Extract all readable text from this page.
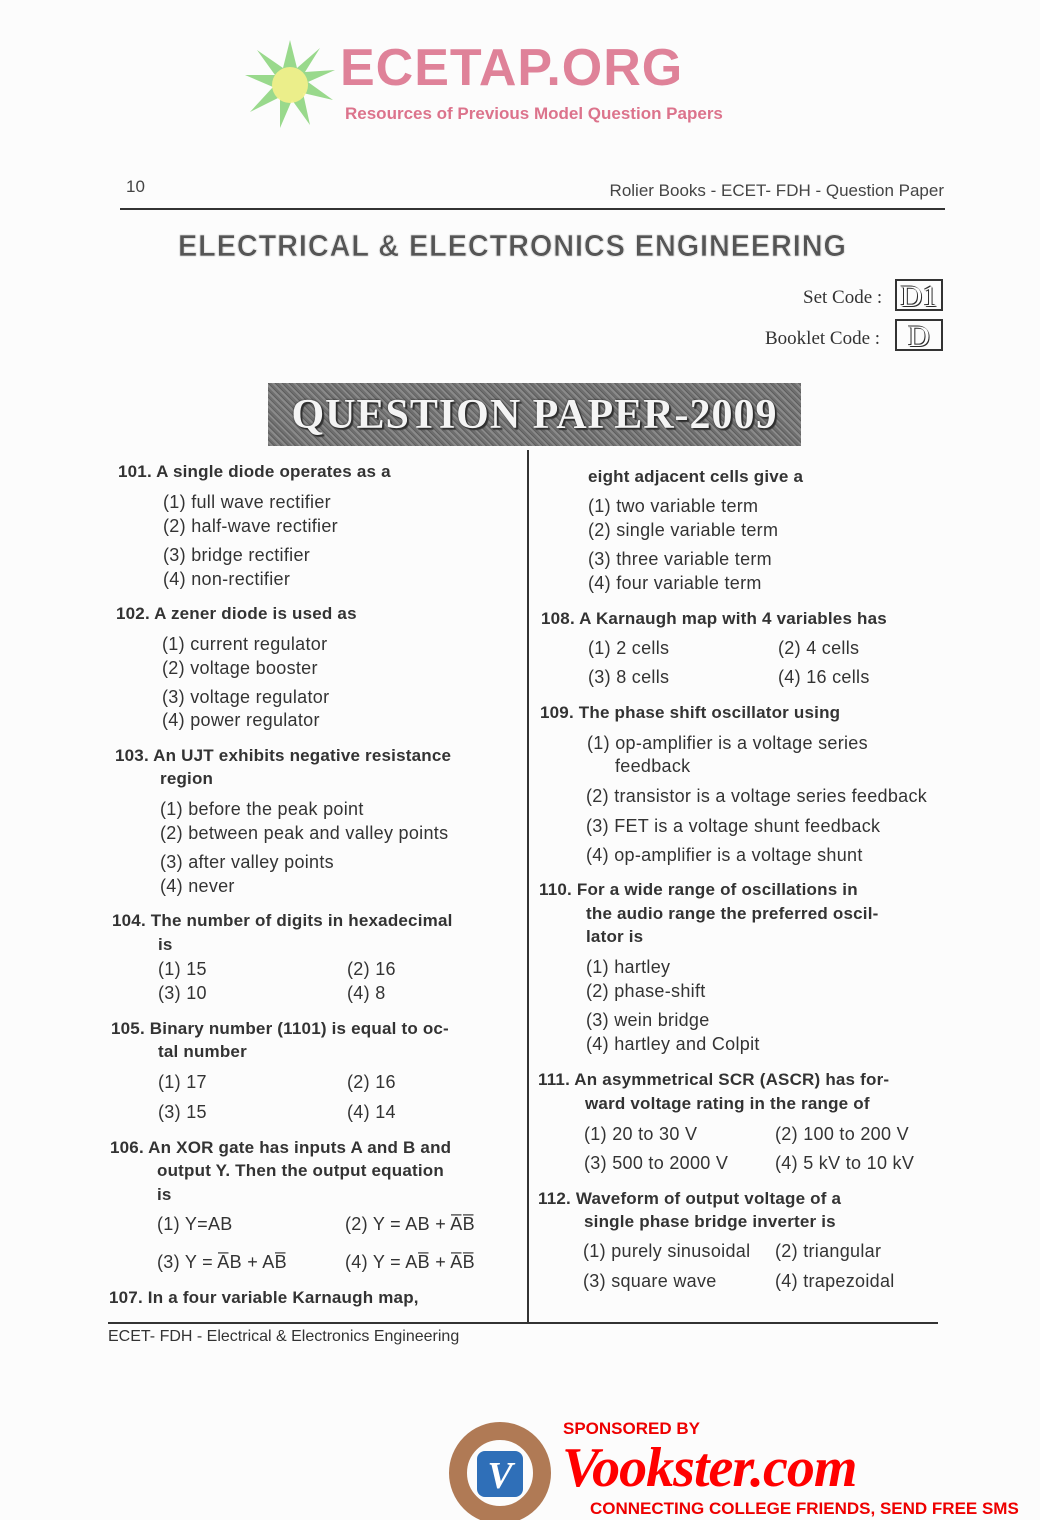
ECETAP.ORG
Resources of Previous Model Question Papers
10	Rolier Books - ECET- FDH - Question Paper
ELECTRICAL & ELECTRONICS ENGINEERING
Set Code : D1
Booklet Code : D
QUESTION PAPER-2009
101. A single diode operates as a
(1) full wave rectifier
(2) half-wave rectifier
(3) bridge rectifier
(4) non-rectifier
102. A zener diode is used as
(1) current regulator
(2) voltage booster
(3) voltage regulator
(4) power regulator
103. An UJT exhibits negative resistance
region
(1) before the peak point
(2) between peak and valley points
(3) after valley points
(4) never
104. The number of digits in hexadecimal
is
(1) 15	(2) 16
(3) 10	(4) 8
105. Binary number (1101) is equal to oc-
tal number
(1) 17	(2) 16
(3) 15	(4) 14
106. An XOR gate has inputs A and B and
output Y. Then the output equation
is
(1) Y=AB	(2) Y = AB + A̅B̅
(3) Y = A̅B + AB̅	(4) Y = AB̅ + A̅B̅
107. In a four variable Karnaugh map,
eight adjacent cells give a
(1) two variable term
(2) single variable term
(3) three variable term
(4) four variable term
108. A Karnaugh map with 4 variables has
(1) 2 cells	(2) 4 cells
(3) 8 cells	(4) 16 cells
109. The phase shift oscillator using
(1) op-amplifier is a voltage series
feedback
(2) transistor is a voltage series feedback
(3) FET is a voltage shunt feedback
(4) op-amplifier is a voltage shunt
110. For a wide range of oscillations in
the audio range the preferred oscil-
lator is
(1) hartley
(2) phase-shift
(3) wein bridge
(4) hartley and Colpit
111. An asymmetrical SCR (ASCR) has for-
ward voltage rating in the range of
(1) 20 to 30 V	(2) 100 to 200 V
(3) 500 to 2000 V	(4) 5 kV to 10 kV
112. Waveform of output voltage of a
single phase bridge inverter is
(1) purely sinusoidal (2) triangular
(3) square wave	(4) trapezoidal
ECET- FDH - Electrical & Electronics Engineering
V
SPONSORED BY
Vookster.com
CONNECTING COLLEGE FRIENDS, SEND FREE SMS
